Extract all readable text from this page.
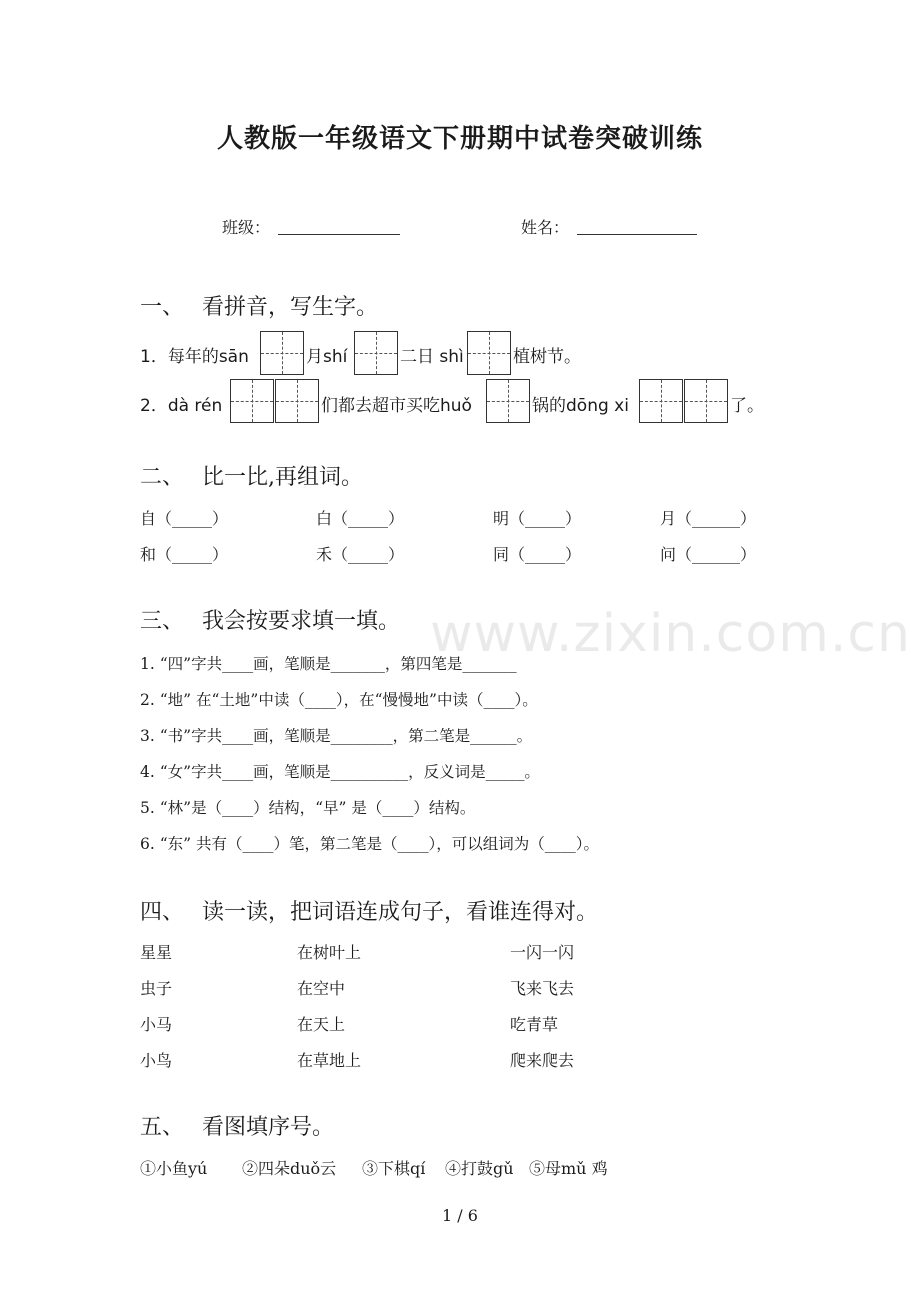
人教版一年级语文下册期中试卷突破训练
班级：	姓名：
一、 看拼音，写生字。
1．每年的sān	月shí	二日 shì	植树节。
2．dà rén	们都去超市买吃huǒ	锅的dōng xi	了。
二、 比一比,再组词。
自（_____）	白（_____）	明（_____）	月（______）
和（_____）	禾（_____）	同（_____）	问（______）
三、 我会按要求填一填。 www.zixin.com.cn
1. “四”字共____画，笔顺是_______，第四笔是_______
2. “地” 在“土地”中读（____），在“慢慢地”中读（____）。
3. “书”字共____画，笔顺是________，第二笔是______。
4. “女”字共____画，笔顺是__________，反义词是_____。
5. “林”是（____）结构，“早” 是（____）结构。
6. “东” 共有（____）笔，第二笔是（____），可以组词为（____）。
四、 读一读，把词语连成句子，看谁连得对。
星星	在树叶上	一闪一闪
虫子	在空中	飞来飞去
小马	在天上	吃青草
小鸟	在草地上	爬来爬去
五、 看图填序号。
①小鱼yú ②四朵duǒ云 ③下棋qí ④打鼓gǔ ⑤母mǔ 鸡
1 / 6
